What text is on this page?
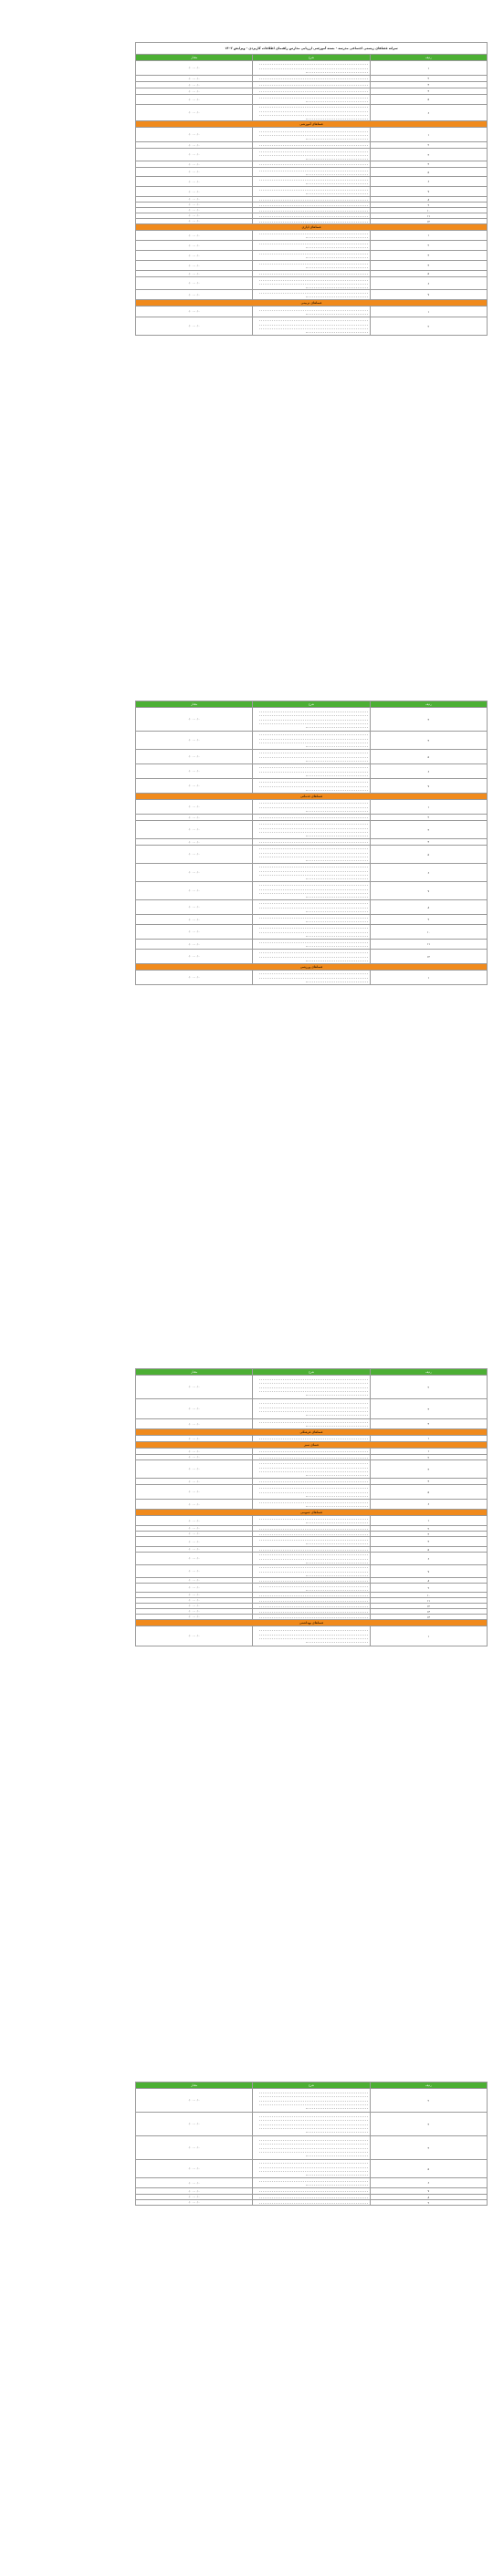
سرانه فضاهای زیستی اجتماعی مدرسه - بسته آموزشی ارزیابی مدارس راهنمای اطلاعات کاربردی - ویرایش ۱۴۰۳		
ردیف	شرح	مقدار
۱		۰/۰۰ -- ۰/۰۰
۲		۰/۰۰ -- ۰/۰۰
۳		۰/۰۰ -- ۰/۰۰
۴		۰/۰۰ -- ۰/۰۰
۵		۰/۰۰ -- ۰/۰۰
۶		۰/۰۰ -- ۰/۰۰
فضاهای آموزشی		
۱		۰/۰۰ -- ۰/۰۰
۲		۰/۰۰ -- ۰/۰۰
۳		۰/۰۰ -- ۰/۰۰
۴		۰/۰۰ -- ۰/۰۰
۵		۰/۰۰ -- ۰/۰۰
۶		۰/۰۰ -- ۰/۰۰
۷		۰/۰۰ -- ۰/۰۰
۸		۰/۰۰ -- ۰/۰۰
۹		۰/۰۰ -- ۰/۰۰
۱۰		۰/۰۰ -- ۰/۰۰
۱۱		۰/۰۰ -- ۰/۰۰
۱۲		۰/۰۰ -- ۰/۰۰
فضاهای اداری		
۱		۰/۰۰ -- ۰/۰۰
۲		۰/۰۰ -- ۰/۰۰
۳		۰/۰۰ -- ۰/۰۰
۴		۰/۰۰ -- ۰/۰۰
۵		۰/۰۰ -- ۰/۰۰
۶		۰/۰۰ -- ۰/۰۰
۷		۰/۰۰ -- ۰/۰۰
فضاهای تربیتی		
۱		۰/۰۰ -- ۰/۰۰
۲		۰/۰۰ -- ۰/۰۰
ردیف	شرح	مقدار
۳		۰/۰۰ -- ۰/۰۰
۴		۰/۰۰ -- ۰/۰۰
۵		۰/۰۰ -- ۰/۰۰
۶		۰/۰۰ -- ۰/۰۰
۷		۰/۰۰ -- ۰/۰۰
فضاهای خدماتی		
۱		۰/۰۰ -- ۰/۰۰
۲		۰/۰۰ -- ۰/۰۰
۳		۰/۰۰ -- ۰/۰۰
۴		۰/۰۰ -- ۰/۰۰
۵		۰/۰۰ -- ۰/۰۰
۶		۰/۰۰ -- ۰/۰۰
۷		۰/۰۰ -- ۰/۰۰
۸		۰/۰۰ -- ۰/۰۰
۹		۰/۰۰ -- ۰/۰۰
۱۰		۰/۰۰ -- ۰/۰۰
۱۱		۰/۰۰ -- ۰/۰۰
۱۲		۰/۰۰ -- ۰/۰۰
فضاهای ورزشی		
۱		۰/۰۰ -- ۰/۰۰
ردیف	شرح	مقدار
۲		۰/۰۰ -- ۰/۰۰
۳		۰/۰۰ -- ۰/۰۰
۴		۰/۰۰ -- ۰/۰۰
فضاهای فرهنگی		
۱		۰/۰۰ -- ۰/۰۰
فضای سبز		
۱		۰/۰۰ -- ۰/۰۰
۲		۰/۰۰ -- ۰/۰۰
۳		۰/۰۰ -- ۰/۰۰
۴		۰/۰۰ -- ۰/۰۰
۵		۰/۰۰ -- ۰/۰۰
۶		۰/۰۰ -- ۰/۰۰
فضاهای عمومی		
۱		۰/۰۰ -- ۰/۰۰
۲		۰/۰۰ -- ۰/۰۰
۳		۰/۰۰ -- ۰/۰۰
۴		۰/۰۰ -- ۰/۰۰
۵		۰/۰۰ -- ۰/۰۰
۶		۰/۰۰ -- ۰/۰۰
۷		۰/۰۰ -- ۰/۰۰
۸		۰/۰۰ -- ۰/۰۰
۹		۰/۰۰ -- ۰/۰۰
۱۰		۰/۰۰ -- ۰/۰۰
۱۱		۰/۰۰ -- ۰/۰۰
۱۲		۰/۰۰ -- ۰/۰۰
۱۳		۰/۰۰ -- ۰/۰۰
۱۴		۰/۰۰ -- ۰/۰۰
فضاهای بهداشتی		
۱		۰/۰۰ -- ۰/۰۰
ردیف	شرح	مقدار
۲		۰/۰۰ -- ۰/۰۰
۳		۰/۰۰ -- ۰/۰۰
۴		۰/۰۰ -- ۰/۰۰
۵		۰/۰۰ -- ۰/۰۰
۶		۰/۰۰ -- ۰/۰۰
۷		۰/۰۰ -- ۰/۰۰
۸		۰/۰۰ -- ۰/۰۰
۹		۰/۰۰ -- ۰/۰۰
